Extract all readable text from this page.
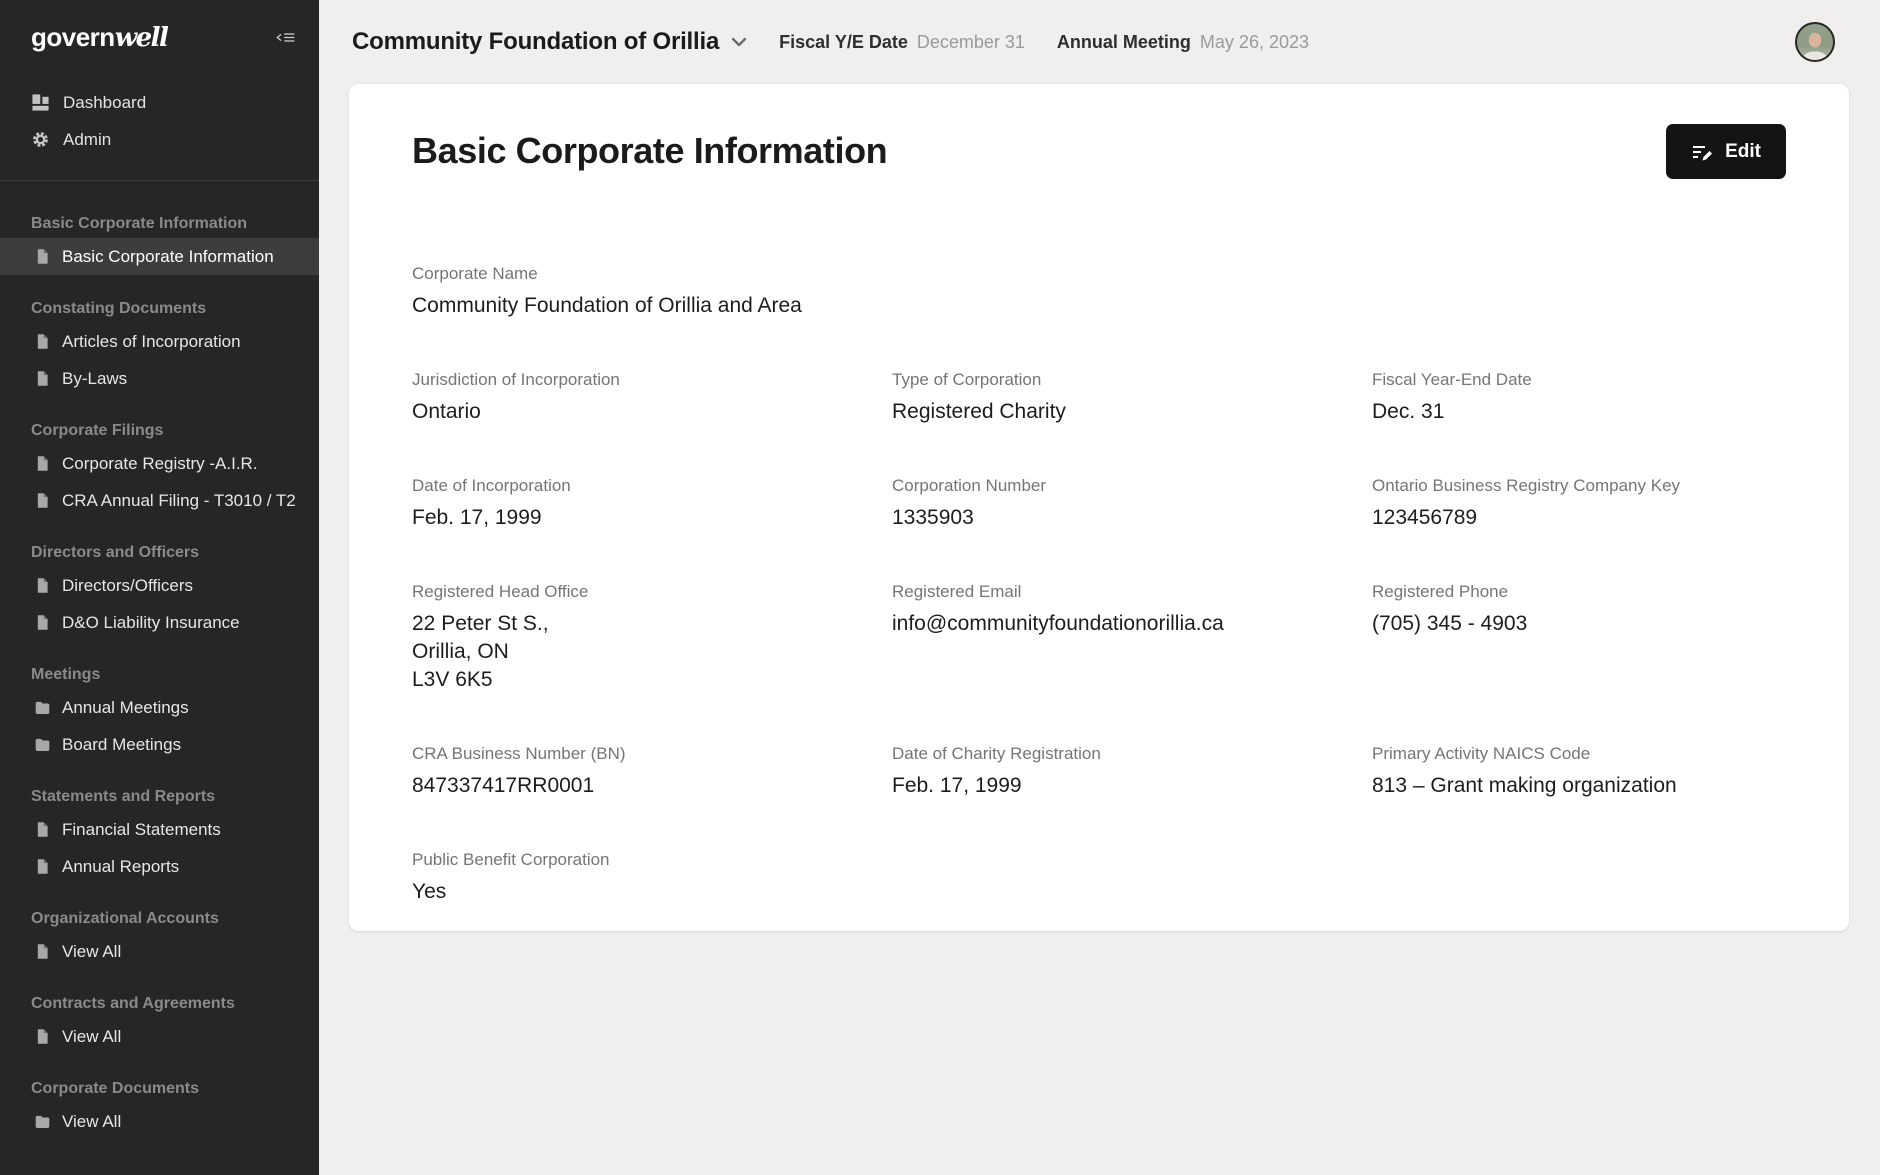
governwell
Dashboard
Admin
Basic Corporate Information
Basic Corporate Information
Constating Documents
Articles of Incorporation
By-Laws
Corporate Filings
Corporate Registry -A.I.R.
CRA Annual Filing - T3010 / T2
Directors and Officers
Directors/Officers
D&O Liability Insurance
Meetings
Annual Meetings
Board Meetings
Statements and Reports
Financial Statements
Annual Reports
Organizational Accounts
View All
Contracts and Agreements
View All
Corporate Documents
View All
Community Foundation of Orillia	Fiscal Y/E Date December 31 Annual Meeting May 26, 2023
Basic Corporate Information	Edit
Corporate Name
Community Foundation of Orillia and Area
Jurisdiction of Incorporation
Ontario
Type of Corporation
Registered Charity
Fiscal Year-End Date
Dec. 31
Date of Incorporation
Feb. 17, 1999
Corporation Number
1335903
Ontario Business Registry Company Key
123456789
Registered Head Office
22 Peter St S.,
Orillia, ON
L3V 6K5
Registered Email
info@communityfoundationorillia.ca
Registered Phone
(705) 345 - 4903
CRA Business Number (BN)
847337417RR0001
Date of Charity Registration
Feb. 17, 1999
Primary Activity NAICS Code
813 – Grant making organization
Public Benefit Corporation
Yes
